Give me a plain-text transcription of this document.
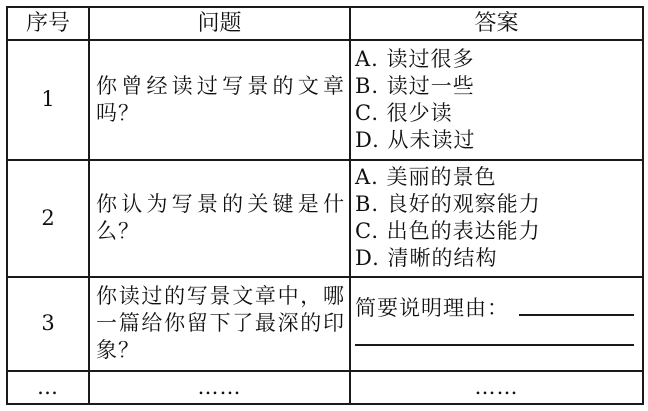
序号	问题	答案
1	你曾经读过写景的文章吗？	A. 读过很多
B. 读过一些
C. 很少读
D. 从未读过

2	你认为写景的关键是什么？	A. 美丽的景色
B. 良好的观察能力
C. 出色的表达能力
D. 清晰的结构

3	你读过的写景文章中，哪一篇给你留下了最深的印象？	简要说明理由：

…	……	……
